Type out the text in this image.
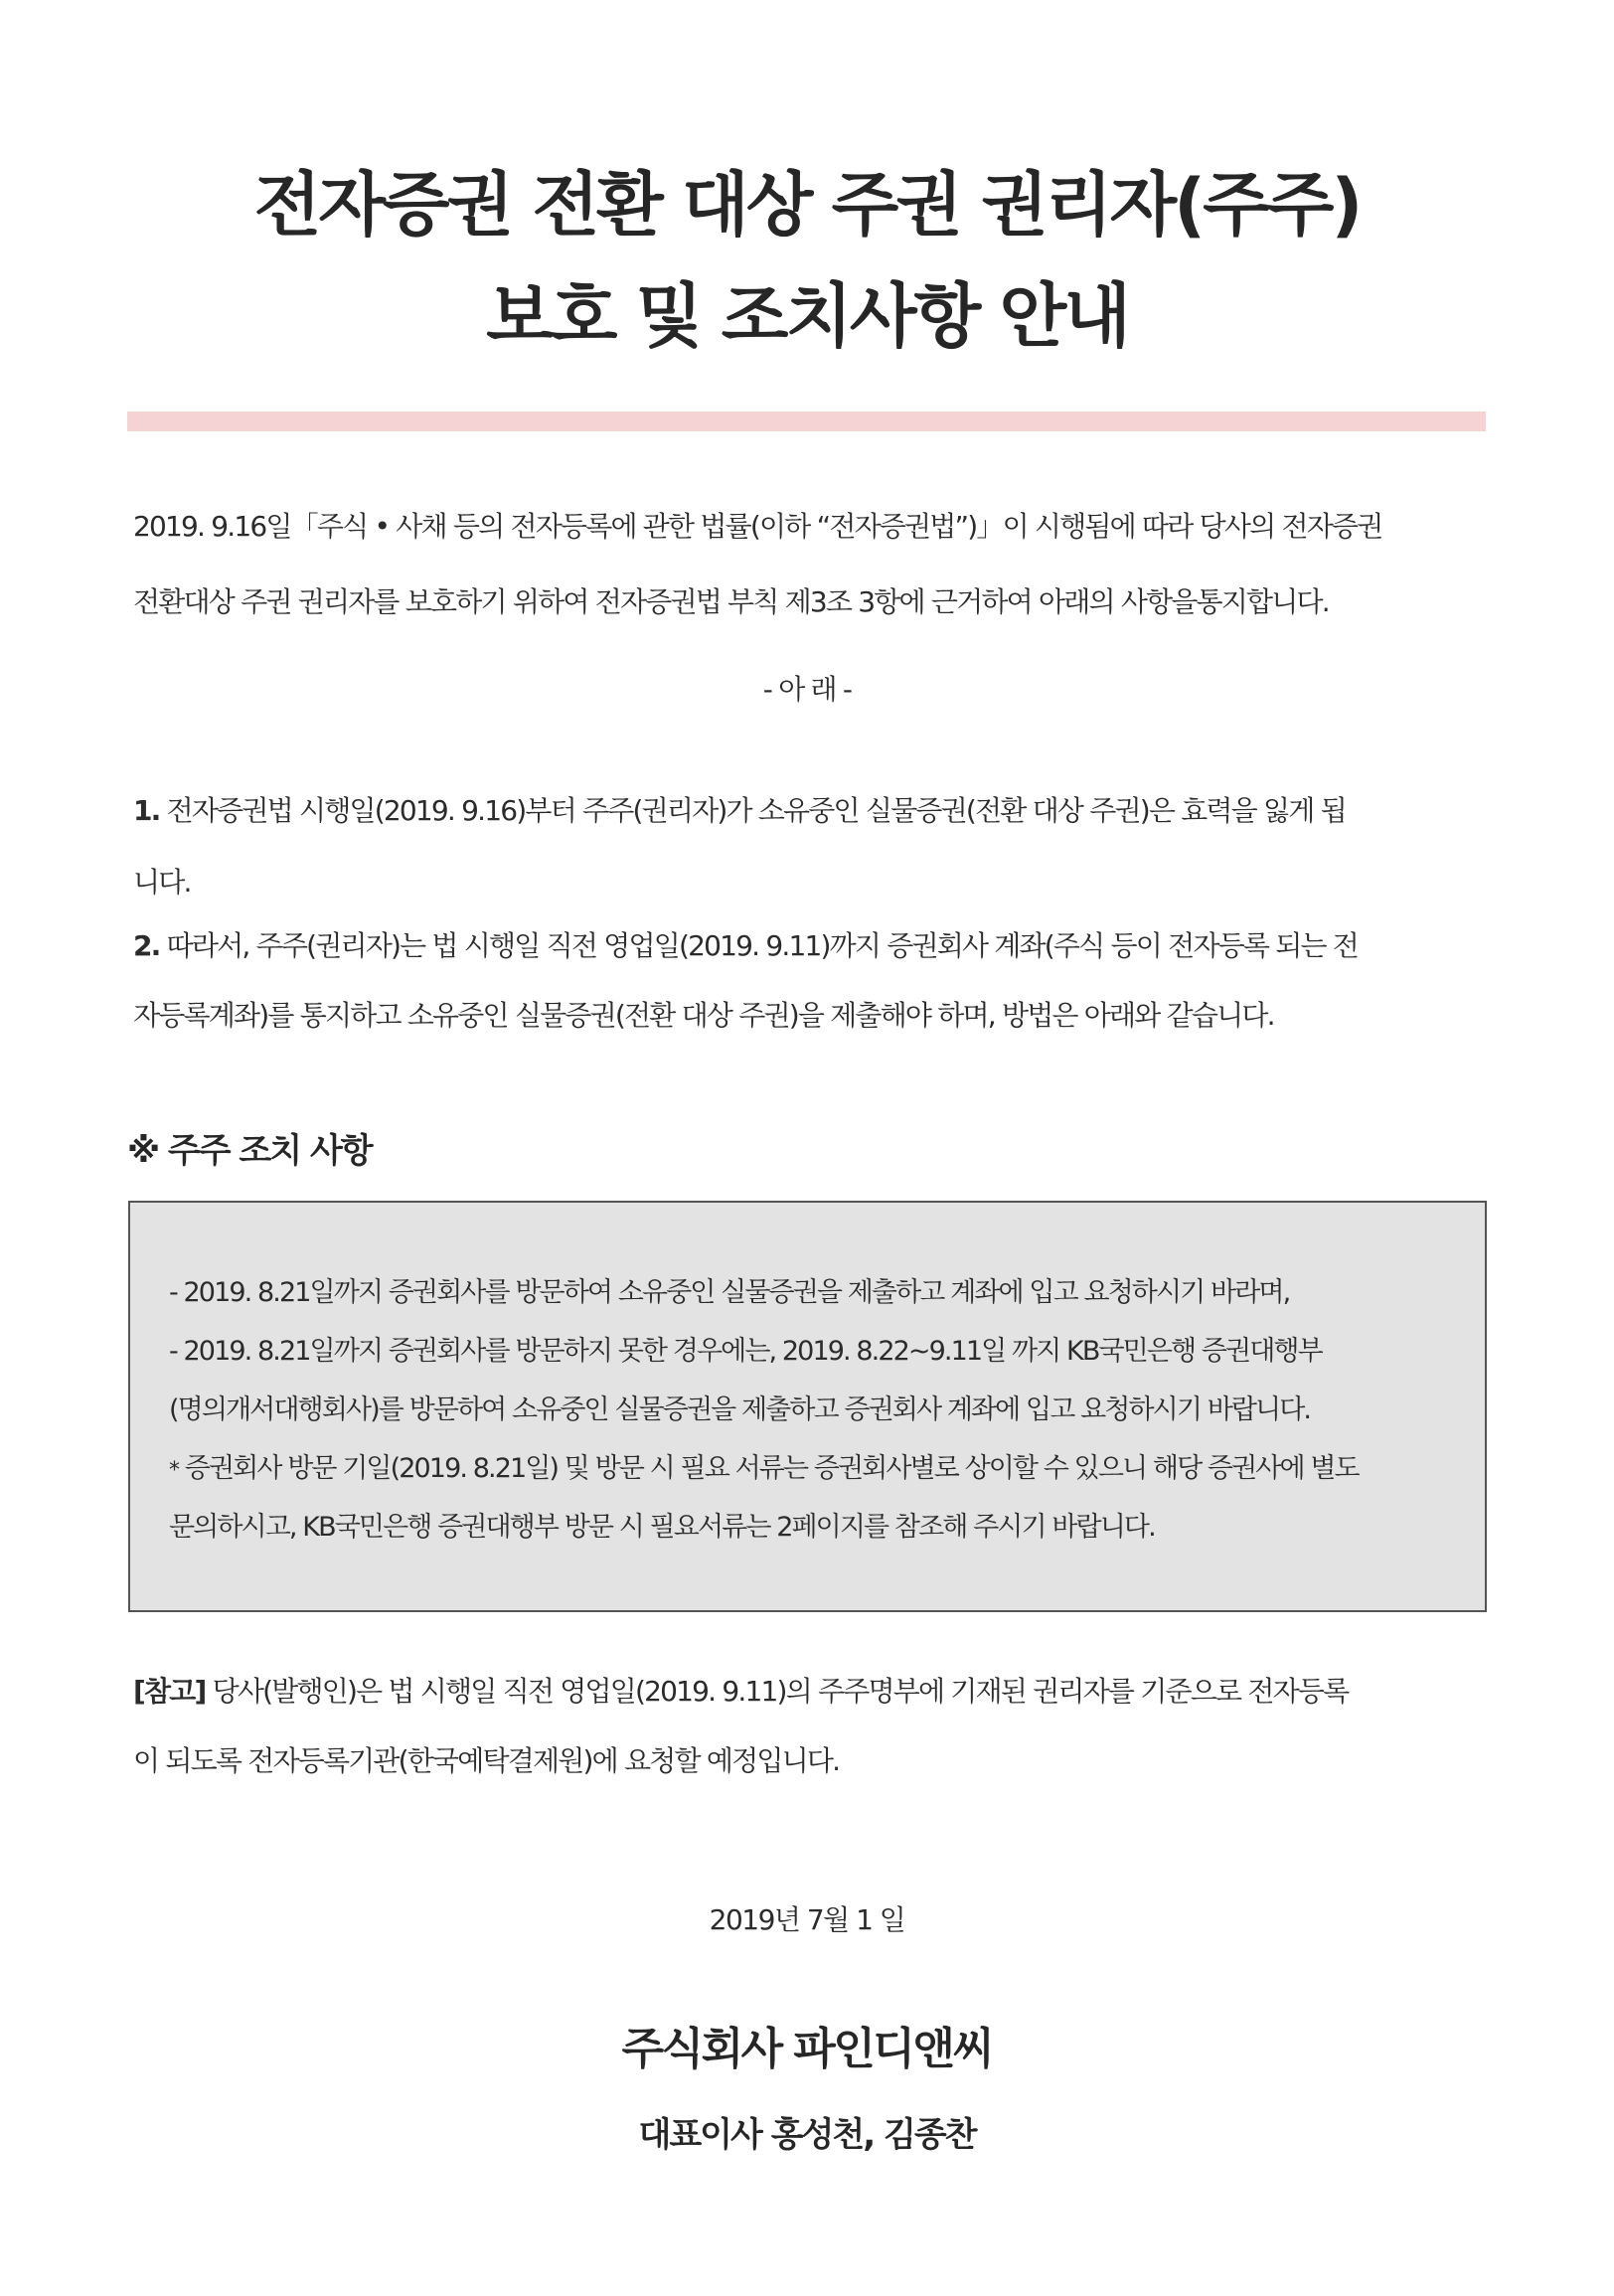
전자증권 전환 대상 주권 권리자(주주)
보호 및 조치사항 안내

2019. 9.16일「주식 • 사채 등의 전자등록에 관한 법률(이하 “전자증권법”)」이 시행됨에 따라 당사의 전자증권

전환대상 주권 권리자를 보호하기 위하여 전자증권법 부칙 제3조 3항에 근거하여 아래의 사항을통지합니다.

- 아 래 -

1. 전자증권법 시행일(2019. 9.16)부터 주주(권리자)가 소유중인 실물증권(전환 대상 주권)은 효력을 잃게 됩

니다.

2. 따라서, 주주(권리자)는 법 시행일 직전 영업일(2019. 9.11)까지 증권회사 계좌(주식 등이 전자등록 되는 전

자등록계좌)를 통지하고 소유중인 실물증권(전환 대상 주권)을 제출해야 하며, 방법은 아래와 같습니다.

※ 주주 조치 사항

- 2019. 8.21일까지 증권회사를 방문하여 소유중인 실물증권을 제출하고 계좌에 입고 요청하시기 바라며,

- 2019. 8.21일까지 증권회사를 방문하지 못한 경우에는, 2019. 8.22~9.11일 까지 KB국민은행 증권대행부

(명의개서대행회사)를 방문하여 소유중인 실물증권을 제출하고 증권회사 계좌에 입고 요청하시기 바랍니다.

* 증권회사 방문 기일(2019. 8.21일) 및 방문 시 필요 서류는 증권회사별로 상이할 수 있으니 해당 증권사에 별도

문의하시고, KB국민은행 증권대행부 방문 시 필요서류는 2페이지를 참조해 주시기 바랍니다.

[참고] 당사(발행인)은 법 시행일 직전 영업일(2019. 9.11)의 주주명부에 기재된 권리자를 기준으로 전자등록

이 되도록 전자등록기관(한국예탁결제원)에 요청할 예정입니다.

2019년 7월 1 일

주식회사 파인디앤씨

대표이사 홍성천, 김종찬
